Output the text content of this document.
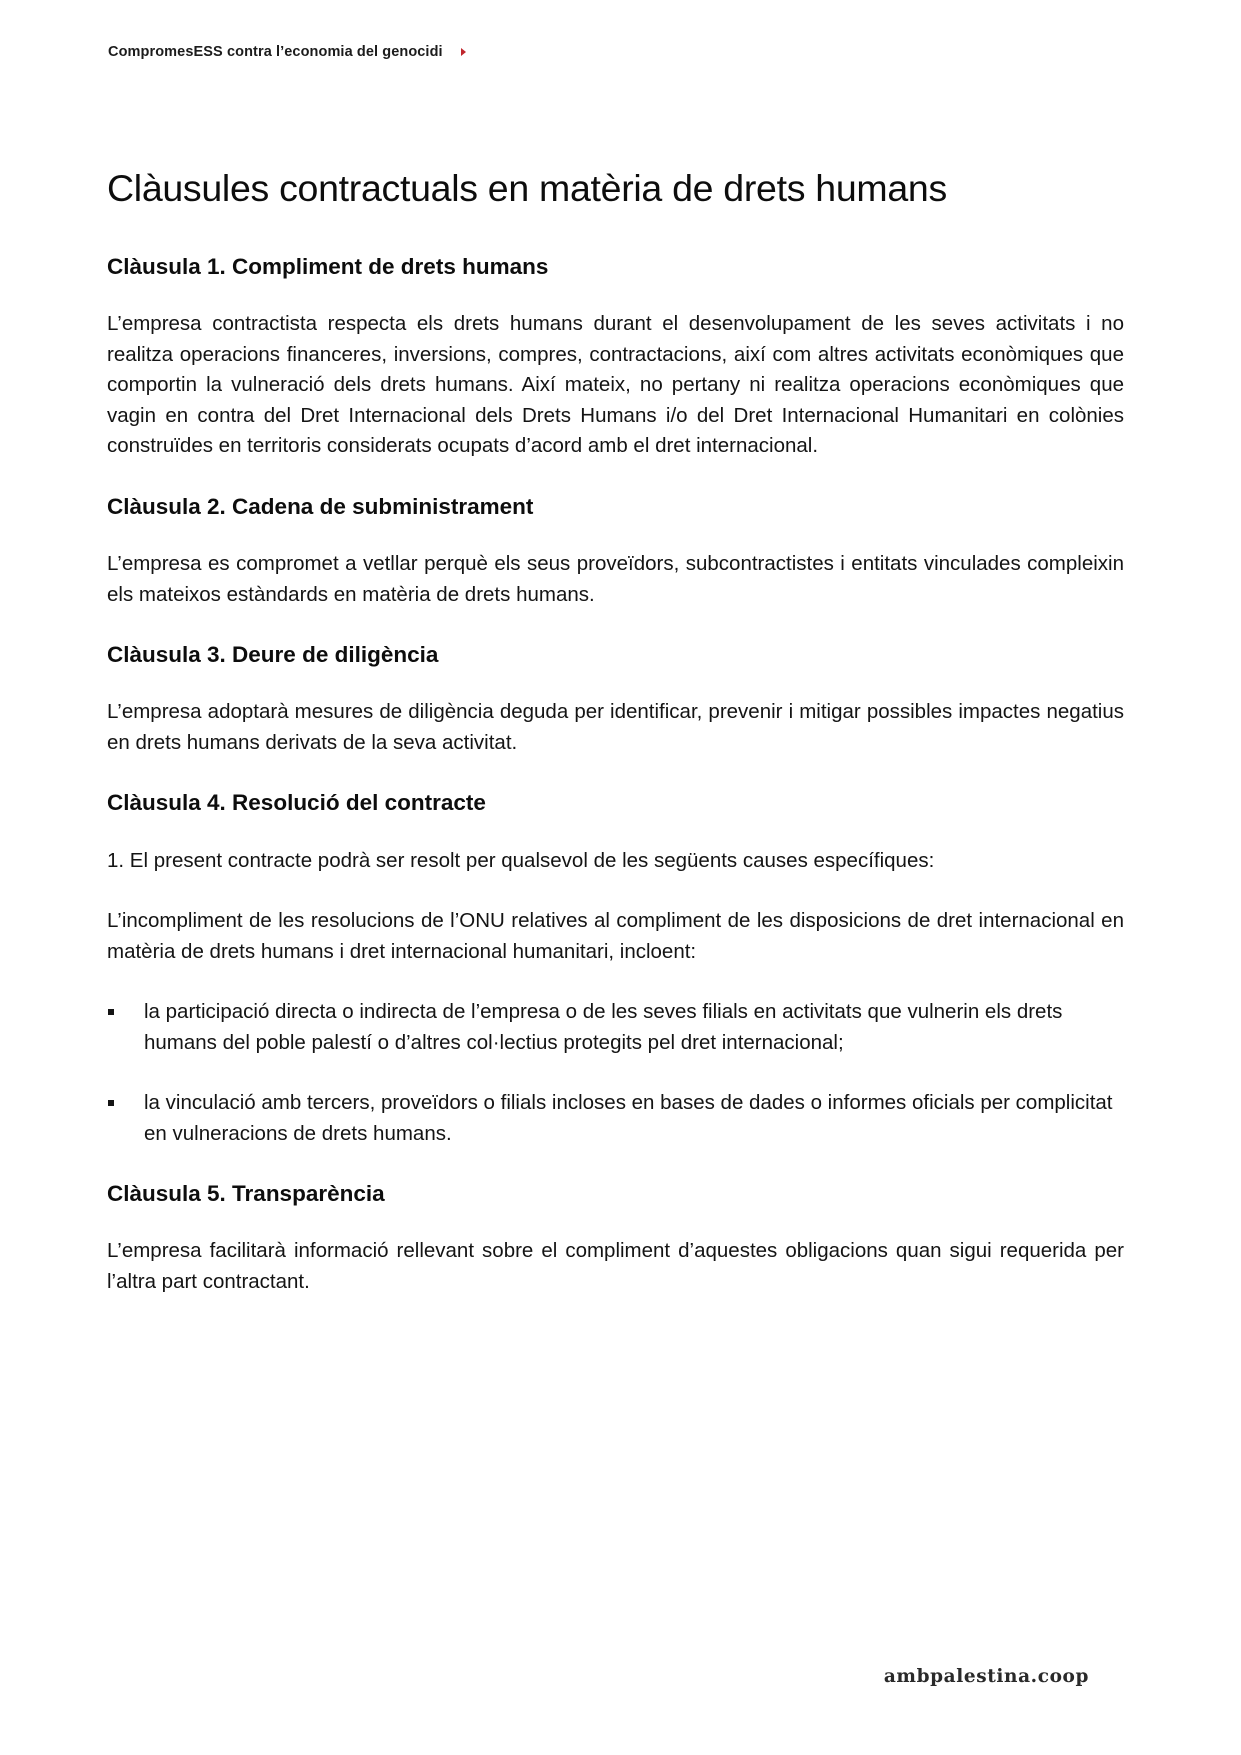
CompromesESS contra l’economia del genocidi
Clàusules contractuals en matèria de drets humans
Clàusula 1. Compliment de drets humans

L’empresa contractista respecta els drets humans durant el desenvolupament de les seves activitats i no realitza operacions financeres, inversions, compres, contractacions, així com altres activitats econòmiques que comportin la vulneració dels drets humans. Així mateix, no pertany ni realitza operacions econòmiques que vagin en contra del Dret Internacional dels Drets Humans i/o del Dret Internacional Humanitari en colònies construïdes en territoris considerats ocupats d’acord amb el dret internacional.

Clàusula 2. Cadena de subministrament

L’empresa es compromet a vetllar perquè els seus proveïdors, subcontractistes i entitats vinculades compleixin els mateixos estàndards en matèria de drets humans.

Clàusula 3. Deure de diligència

L’empresa adoptarà mesures de diligència deguda per identificar, prevenir i mitigar possibles impactes negatius en drets humans derivats de la seva activitat.

Clàusula 4. Resolució del contracte

1. El present contracte podrà ser resolt per qualsevol de les següents causes específiques:

L’incompliment de les resolucions de l’ONU relatives al compliment de les disposicions de dret internacional en matèria de drets humans i dret internacional humanitari, incloent:

la participació directa o indirecta de l’empresa o de les seves filials en activitats que vulnerin els drets humans del poble palestí o d’altres col·lectius protegits pel dret internacional;
la vinculació amb tercers, proveïdors o filials incloses en bases de dades o informes oficials per complicitat en vulneracions de drets humans.
Clàusula 5. Transparència

L’empresa facilitarà informació rellevant sobre el compliment d’aquestes obligacions quan sigui requerida per l’altra part contractant.

ambpalestina.coop
